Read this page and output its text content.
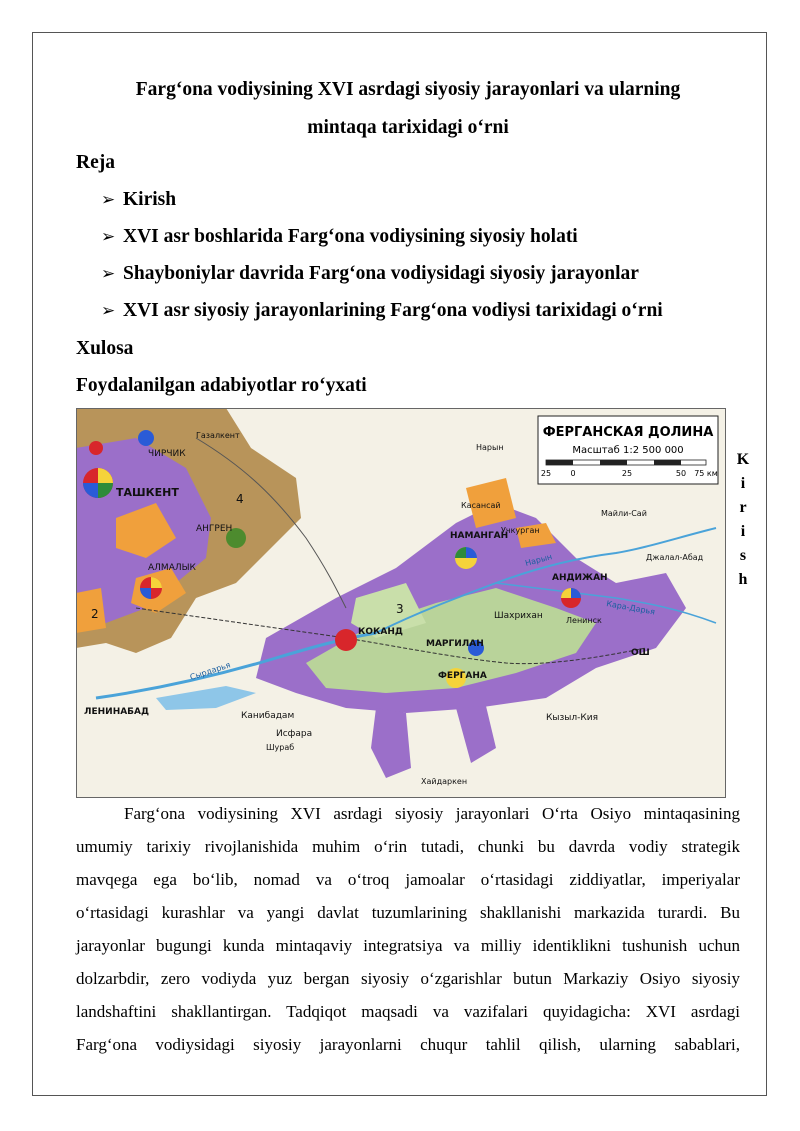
Farg‘ona vodiysining XVI asrdagi siyosiy jarayonlari va ularning
mintaqa tarixidagi o‘rni
Reja
➢ Kirish
➢ XVI asr boshlarida Farg‘ona vodiysining siyosiy holati
➢ Shayboniylar davrida Farg‘ona vodiysidagi siyosiy jarayonlar
➢ XVI asr siyosiy jarayonlarining Farg‘ona vodiysi tarixidagi o‘rni
Xulosa
Foydalanilgan adabiyotlar ro‘yxati
ФЕРГАНСКАЯ ДОЛИНА
Масштаб 1:2 500 000
25 0	25	50 75 км
ТАШКЕНТ
ЧИРЧИК
Газалкент
АНГРЕН
АЛМАЛЫК
НАМАНГАН
АНДИЖАН
КОКАНД
ФЕРГАНА
МАРГИЛАН
ЛЕНИНАБАД
ОШ
Шахрихан
Канибадам
Исфара
Кызыл-Кия
Учкурган
Майли-Сай
Джалал-Абад
Ленинск
Хайдаркен
Шураб
Касансай
Нарын
Сырдарья
Нарын
Кара-Дарья
4
3
2
K
i
r
i
s
h
Farg‘ona vodiysining XVI asrdagi siyosiy jarayonlari O‘rta Osiyo mintaqasining
umumiy tarixiy rivojlanishida muhim o‘rin tutadi, chunki bu davrda vodiy strategik
mavqega ega bo‘lib, nomad va o‘troq jamoalar o‘rtasidagi ziddiyatlar, imperiyalar
o‘rtasidagi kurashlar va yangi davlat tuzumlarining shakllanishi markazida turardi. Bu
jarayonlar bugungi kunda mintaqaviy integratsiya va milliy identiklikni tushunish uchun
dolzarbdir, zero vodiyda yuz bergan siyosiy o‘zgarishlar butun Markaziy Osiyo siyosiy
landshaftini shakllantirgan. Tadqiqot maqsadi va vazifalari quyidagicha: XVI asrdagi
Farg‘ona vodiysidagi siyosiy jarayonlarni chuqur tahlil qilish, ularning sabablari,
